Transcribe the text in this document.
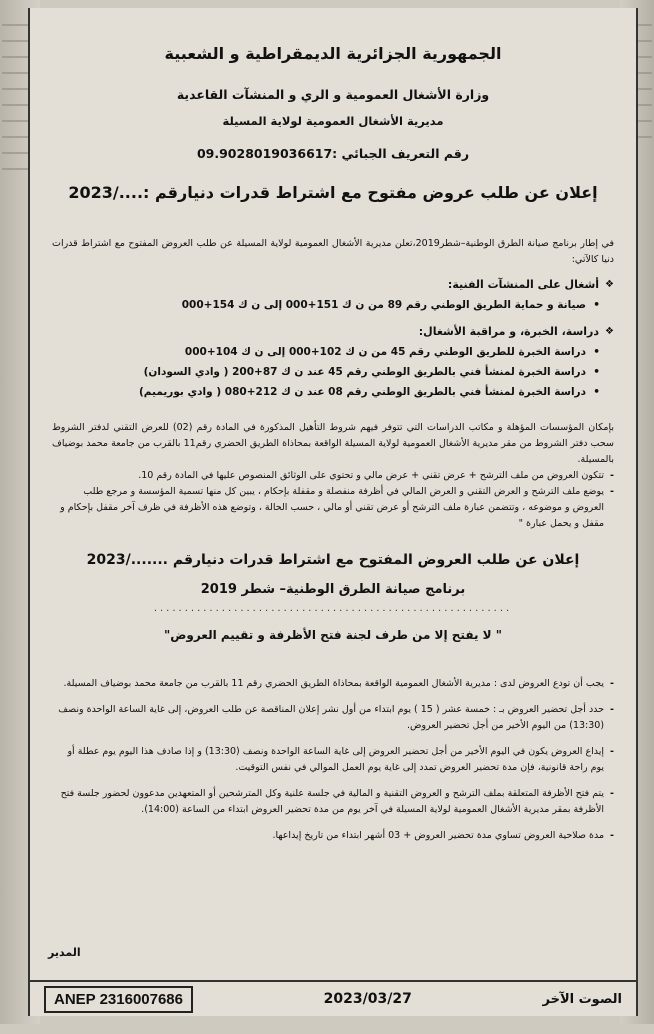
الجمهورية الجزائرية الديمقراطية و الشعبية
وزارة الأشغال العمومية و الري و المنشآت القاعدية
مديرية الأشغال العمومية لولاية المسيلة
رقم التعريف الجبائي :09.9028019036617
إعلان عن طلب عروض مفتوح مع اشتراط قدرات دنيارقم :..../2023
في إطار برنامج صيانة الطرق الوطنية–شطر2019،تعلن مديرية الأشغال العمومية لولاية المسيلة عن طلب العروض المفتوح مع اشتراط قدرات دنيا كالآتي:
❖
أشغال على المنشآت الفنية:
• صيانة و حماية الطريق الوطني رقم 89 من ن ك 151+000 إلى ن ك 154+000
❖
دراسة، الخبرة، و مراقبة الأشغال:
• دراسة الخبرة للطريق الوطني رقم 45 من ن ك 102+000 إلى ن ك 104+000
• دراسة الخبرة لمنشأ فني بالطريق الوطني رقم 45 عند ن ك 87+200 ( وادي السودان)
• دراسة الخبرة لمنشأ فني بالطريق الوطني رقم 08 عند ن ك 212+080 ( وادي بوريميم)
بإمكان المؤسسات المؤهلة و مكاتب الدراسات التي تتوفر فيهم شروط التأهيل المذكورة في المادة رقم (02) للعرض التقني لدفتر الشروط سحب دفتر الشروط من مقر مديرية الأشغال العمومية لولاية المسيلة الواقعة بمحاذاة الطريق الحضري رقم11 بالقرب من جامعة محمد بوضياف بالمسيلة.
-
تتكون العروض من ملف الترشح + عرض تقني + عرض مالي و تحتوي على الوثائق المنصوص عليها في المادة رقم 10.
-
يوضع ملف الترشح و العرض التقني و العرض المالي في أظرفة منفصلة و مقفلة بإحكام ، يبين كل منها تسمية المؤسسة و مرجع طلب العروض و موضوعه ، وتتضمن عبارة ملف الترشح أو عرض تقني أو مالي ، حسب الحالة ، وتوضع هذه الأظرفة في ظرف آخر مقفل بإحكام و مقفل و يحمل عبارة "
إعلان عن طلب العروض المفتوح مع اشتراط قدرات دنيارقم ......./2023
برنامج صيانة الطرق الوطنية– شطر 2019
..........................................................
" لا يفتح إلا من طرف لجنة فتح الأظرفة و تقييم العروض"
-
يجب أن تودع العروض لدى : مديرية الأشغال العمومية الواقعة بمحاذاة الطريق الحضري رقم 11 بالقرب من جامعة محمد بوضياف المسيلة.
-
حدد أجل تحضير العروض بـ : خمسة عشر ( 15 ) يوم ابتداء من أول نشر إعلان المناقصة عن طلب العروض، إلى غاية الساعة الواحدة ونصف (13:30) من اليوم الأخير من أجل تحضير العروض.
-
إيداع العروض يكون في اليوم الأخير من أجل تحضير العروض إلى غاية الساعة الواحدة ونصف (13:30) و إذا صادف هذا اليوم يوم عطلة أو يوم راحة قانونية، فإن مدة تحضير العروض تمدد إلى غاية يوم العمل الموالي في نفس التوقيت.
-
يتم فتح الأظرفة المتعلقة بملف الترشح و العروض التقنية و المالية في جلسة علنية وكل المترشحين أو المتعهدين مدعوون لحضور جلسة فتح الأظرفة بمقر مديرية الأشغال العمومية لولاية المسيلة في آخر يوم من مدة تحضير العروض ابتداء من الساعة (14:00).
-
مدة صلاحية العروض تساوي مدة تحضير العروض + 03 أشهر ابتداء من تاريخ إيداعها.
المدير
ANEP 2316007686	2023/03/27	الصوت الآخر
